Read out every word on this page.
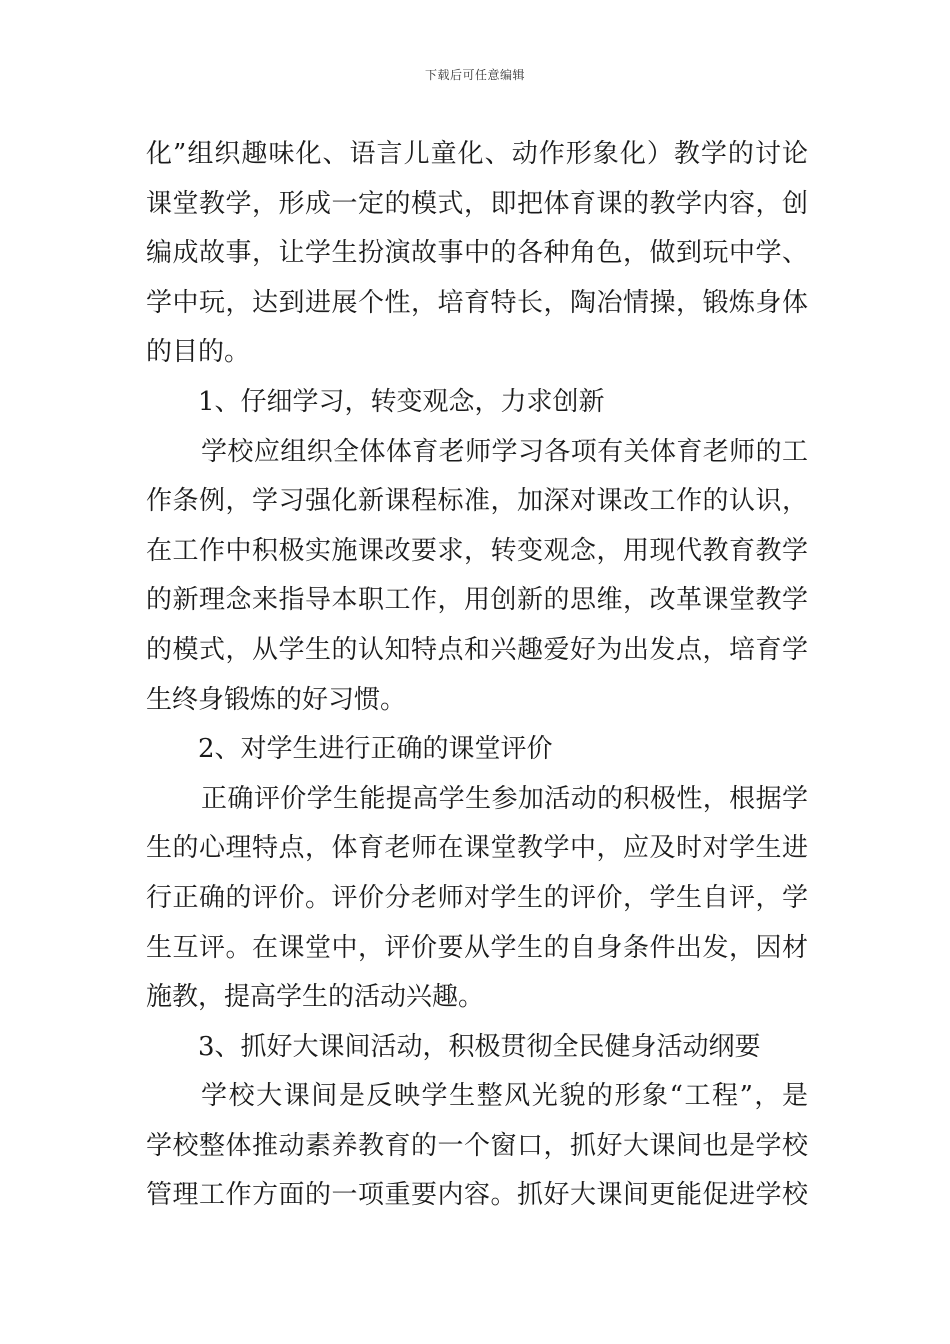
下载后可任意编辑
化”组织趣味化、语言儿童化、动作形象化）教学的讨论
课堂教学，形成一定的模式，即把体育课的教学内容，创
编成故事，让学生扮演故事中的各种角色，做到玩中学、
学中玩，达到进展个性，培育特长，陶冶情操，锻炼身体
的目的。
1、仔细学习，转变观念，力求创新
学校应组织全体体育老师学习各项有关体育老师的工
作条例，学习强化新课程标准，加深对课改工作的认识，
在工作中积极实施课改要求，转变观念，用现代教育教学
的新理念来指导本职工作，用创新的思维，改革课堂教学
的模式，从学生的认知特点和兴趣爱好为出发点，培育学
生终身锻炼的好习惯。
2、对学生进行正确的课堂评价
正确评价学生能提高学生参加活动的积极性，根据学
生的心理特点，体育老师在课堂教学中，应及时对学生进
行正确的评价。评价分老师对学生的评价，学生自评，学
生互评。在课堂中，评价要从学生的自身条件出发，因材
施教，提高学生的活动兴趣。
3、抓好大课间活动，积极贯彻全民健身活动纲要
学校大课间是反映学生整风光貌的形象“工程”，是
学校整体推动素养教育的一个窗口，抓好大课间也是学校
管理工作方面的一项重要内容。抓好大课间更能促进学校
